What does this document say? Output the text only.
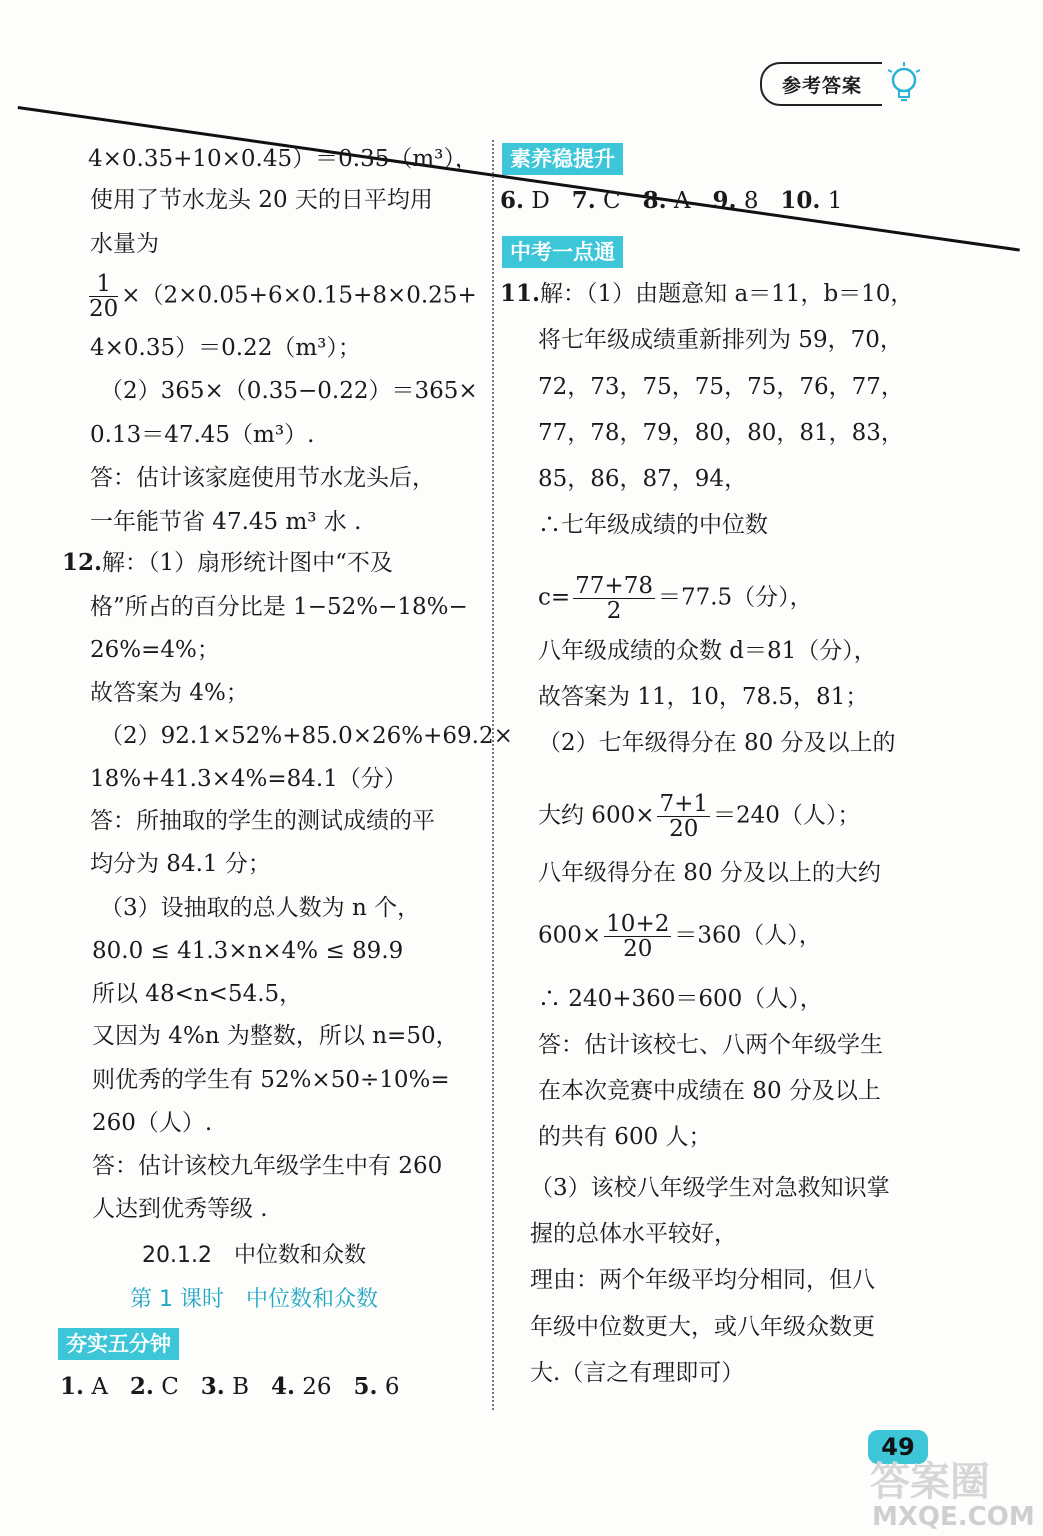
参考答案
4×0.35+10×0.45）＝0.35（m³），
使用了节水龙头 20 天的日平均用
水量为
$\frac{1}{20} \times(2\times 0.05+6\times 0.15+8\times 0.25+$
4×0.35）＝0.22（m³）；
（2）365×（0.35−0.22）＝365×
0.13＝47.45（m³）.
答：估计该家庭使用节水龙头后，
一年能节省 47.45 m³ 水 .
12.解：（1）扇形统计图中“不及
格”所占的百分比是 1−52%−18%−
26%=4%；
故答案为 4%；
（2）92.1×52%+85.0×26%+69.2×
18%+41.3×4%=84.1（分）
答：所抽取的学生的测试成绩的平
均分为 84.1 分；
（3）设抽取的总人数为 n 个，
80.0 ≤ 41.3×n×4% ≤ 89.9
所以 48<n<54.5，
又因为 4%n 为整数，所以 n=50，
则优秀的学生有 52%×50÷10%=
260（人）.
答：估计该校九年级学生中有 260
人达到优秀等级 .
20.1.2　中位数和众数
第 1 课时　中位数和众数
夯实五分钟
1. A 2. C 3. B 4. 26 5. 6
素养稳提升
6. D 7. C 8. A 9. 8 10. 1
中考一点通
11.解：（1）由题意知 a＝11，b＝10，
将七年级成绩重新排列为 59，70，
72，73，75，75，75，76，77，
77，78，79，80，80，81，83，
85，86，87，94，
∴七年级成绩的中位数
$c= \frac{77+78}{2} =77.5$（分），
八年级成绩的众数 d＝81（分），
故答案为 11，10，78.5，81；
（2）七年级得分在 80 分及以上的
大约 $600\times \frac{7+1}{20} =240$（人）；
八年级得分在 80 分及以上的大约
$600\times \frac{10+2}{20} =360$（人），
∴ 240+360＝600（人），
答：估计该校七、八两个年级学生
在本次竞赛中成绩在 80 分及以上
的共有 600 人；
（3）该校八年级学生对急救知识掌
握的总体水平较好，
理由：两个年级平均分相同，但八
年级中位数更大，或八年级众数更
大.（言之有理即可）
49
答案圈
MXQE.COM
